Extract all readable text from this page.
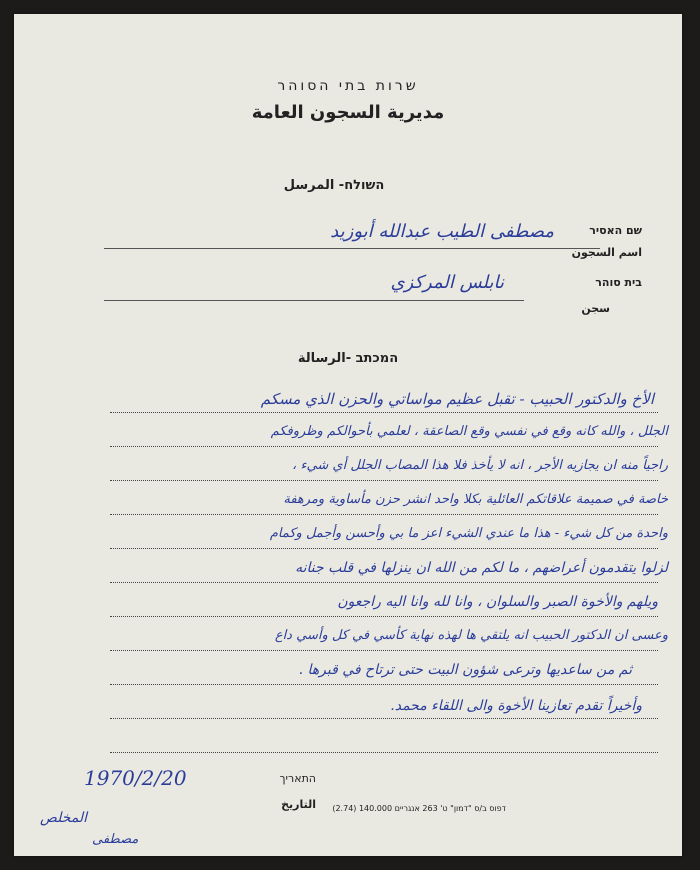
שרות בתי הסוהר
مديرية السجون العامة
השולח- المرسل
שם האסיר
اسم السجون
مصطفى الطيب عبدالله أبوزيد
בית סוהר
سجن
نابلس المركزي
המכתב -الرسالة
الأخ والدكتور الحبيب - تقبل عظيم مواساتي والحزن الذي مسكم
الجلل ، والله كانه وقع في نفسي وقع الصاعقة ، لعلمي بأحوالكم وظروفكم
راجياً منه ان يجازيه الأجر ، انه لا يأخذ فلا هذا المصاب الجلل أي شيء ،
خاصة في صميمة علاقاتكم العائلية بكلا واحد انشر حزن مأساوية ومرهفة
واحدة من كل شيء - هذا ما عندي الشيء اعز ما بي وأحسن وأجمل وكمام
لزلوا يتقدمون أعراضهم ، ما لكم من الله ان ينزلها في قلب جنانه
ويلهم والأخوة الصبر والسلوان ، وانا لله وانا اليه راجعون
وعسى ان الدكتور الحبيب انه يلتقي ها لهذه نهاية كأسي في كل وأسي داع
ثم من ساعديها وترعى شؤون البيت حتى ترتاح في قبرها .
وأخيراً تقدم تعازينا الأخوة والى اللقاء محمد.
התאריך
التاريخ
1970/2/20
المخلص
مصطفى
דפוס ב/ס "דמון" ט' 263 אנגריים 140.000 (2.74)
